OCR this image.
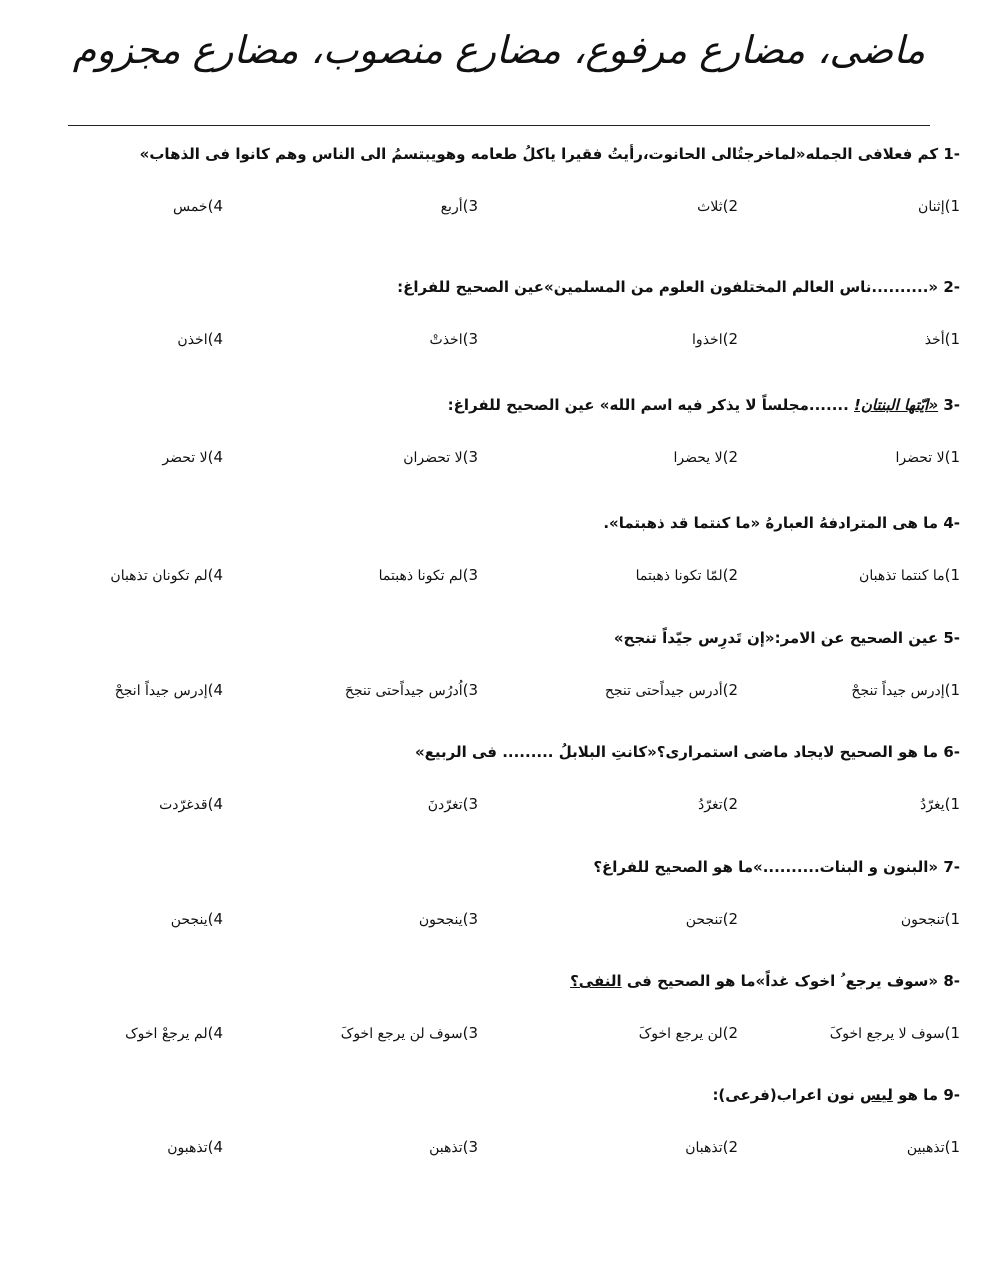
ماضی، مضارع مرفوع، مضارع منصوب، مضارع مجزوم
1- کم فعلافی الجمله«لماخرجتُالی الحانوت،رأیتُ فقیرا یاکلُ طعامه وهویبتسمُ الی الناس وهم کانوا فی الذهاب»
1)إثنان
2)ثلاث
3)أربع
4)خمس
2- «..........ناس العالم المختلفون العلوم من المسلمین»عین الصحیح للفراغ:
1)أخذ
2)اخذوا
3)اخذتْ
4)اخذن
3- «ایّتها البنتان! .......مجلساً لا یذکر فیه اسم الله» عین الصحیح للفراغ:
1)لا تحضرا
2)لا یحضرا
3)لا تحضران
4)لا تحضر
4- ما هی المترادفهُ العبارهُ «ما کنتما قد ذهبتما».
1)ما کنتما تذهبان
2)لمّا تکونا ذهبتما
3)لم تکونا ذهبتما
4)لم تکونان تذهبان
5- عین الصحیح عن الامر:«إن تَدرِس جیّداً تنجح»
1)إدرس جیداً تنجحْ
2)أدرس جیداًحتی تنجح
3)اُدرُس جیداًحتی تنجحَ
4)إدرس جیداً انجحْ
6- ما هو الصحیح لایجاد ماضی استمراری؟«کانتِ البلابلُ ......... فی الربیع»
1)یغرّدُ
2)تغرّدُ
3)تغرّدنَ
4)قدغرّدت
7- «البنون و البنات..........»ما هو الصحیح للفراغ؟
1)تنجحون
2)تنجحن
3)ینجحون
4)ینجحن
8- «سوف یرجع ُ اخوک غداً»ما هو الصحیح فی النفی؟
1)سوف لا یرجع اخوکَ
2)لن یرجع اخوکَ
3)سوف لن یرجع اخوکَ
4)لم یرجعْ اخوک
9- ما هو لیس نون اعراب(فرعی):
1)تذهبین
2)تذهبان
3)تذهبن
4)تذهبون
